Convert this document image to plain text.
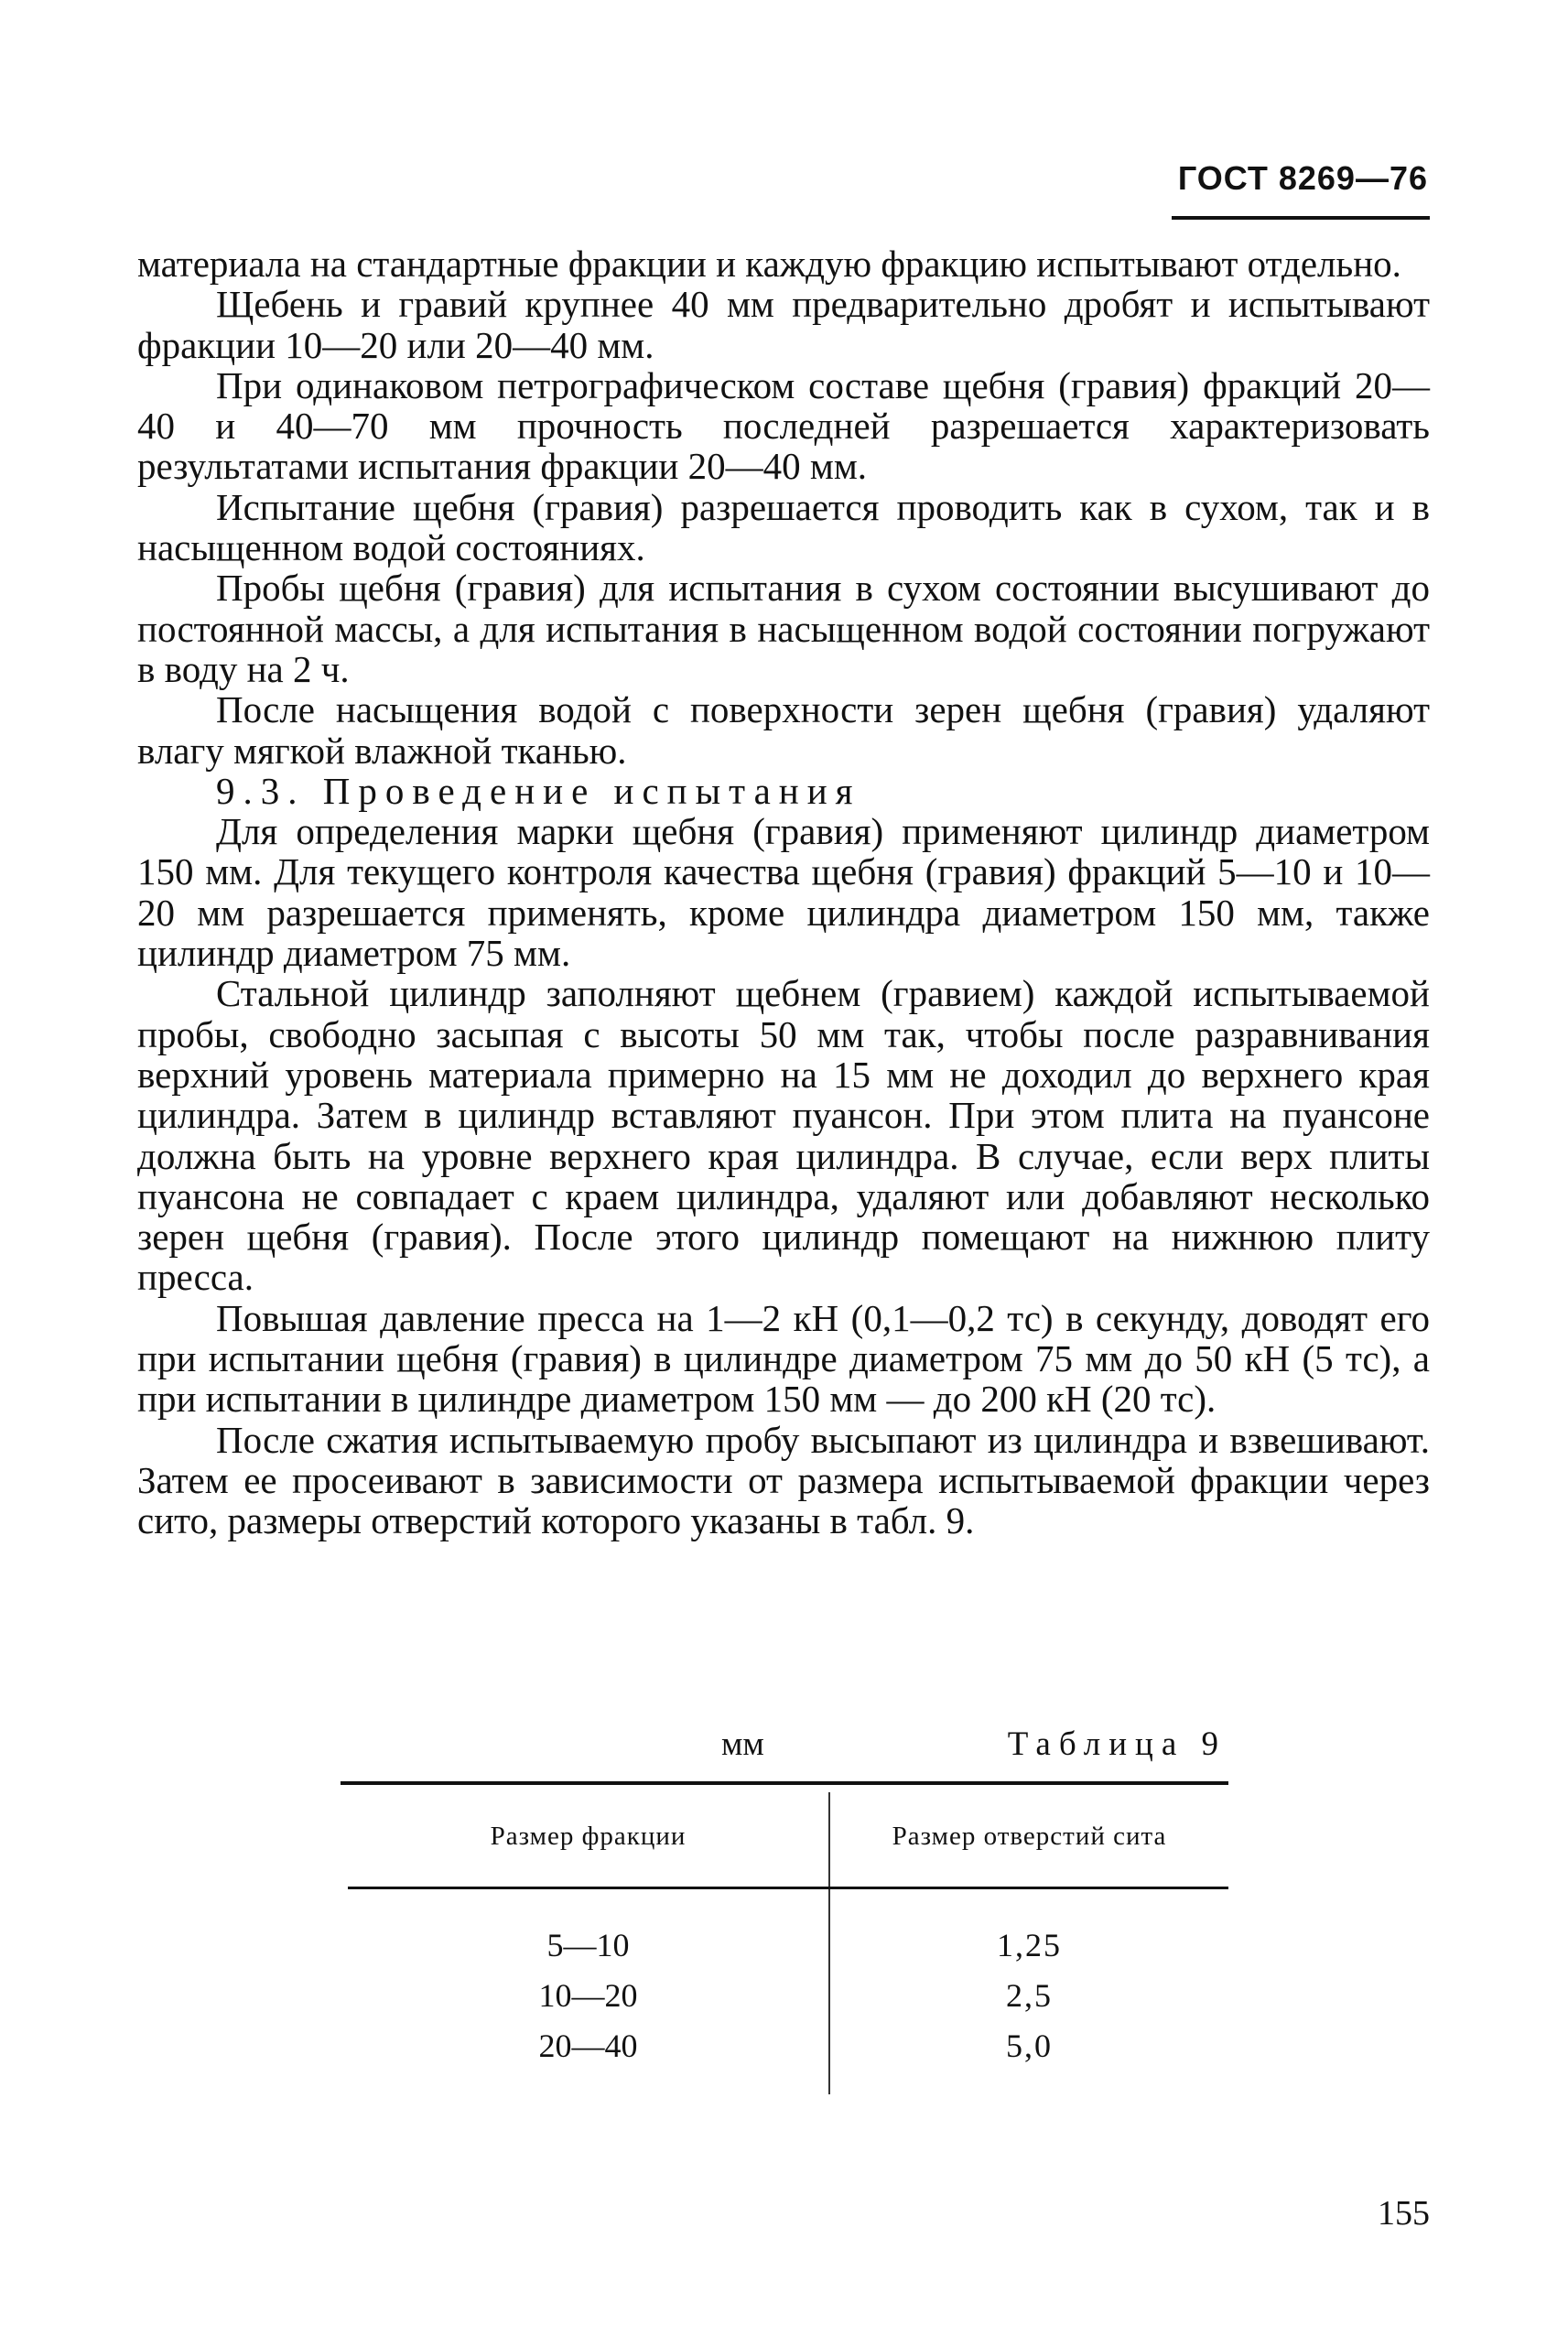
ГОСТ 8269—76

материала на стандартные фракции и каждую фракцию испытывают отдельно.

Щебень и гравий крупнее 40 мм предварительно дробят и испытывают фракции 10—20 или 20—40 мм.

При одинаковом петрографическом составе щебня (гравия) фракций 20—40 и 40—70 мм прочность последней разрешается характеризовать результатами испытания фракции 20—40 мм.

Испытание щебня (гравия) разрешается проводить как в сухом, так и в насыщенном водой состояниях.

Пробы щебня (гравия) для испытания в сухом состоянии высушивают до постоянной массы, а для испытания в насыщенном водой состоянии погружают в воду на 2 ч.

После насыщения водой с поверхности зерен щебня (гравия) удаляют влагу мягкой влажной тканью.

9.3. Проведение испытания

Для определения марки щебня (гравия) применяют цилиндр диаметром 150 мм. Для текущего контроля качества щебня (гравия) фракций 5—10 и 10—20 мм разрешается применять, кроме цилиндра диаметром 150 мм, также цилиндр диаметром 75 мм.

Стальной цилиндр заполняют щебнем (гравием) каждой испытываемой пробы, свободно засыпая с высоты 50 мм так, чтобы после разравнивания верхний уровень материала примерно на 15 мм не доходил до верхнего края цилиндра. Затем в цилиндр вставляют пуансон. При этом плита на пуансоне должна быть на уровне верхнего края цилиндра. В случае, если верх плиты пуансона не совпадает с краем цилиндра, удаляют или добавляют несколько зерен щебня (гравия). После этого цилиндр помещают на нижнюю плиту пресса.

Повышая давление пресса на 1—2 кН (0,1—0,2 тс) в секунду, доводят его при испытании щебня (гравия) в цилиндре диаметром 75 мм до 50 кН (5 тс), а при испытании в цилиндре диаметром 150 мм — до 200 кН (20 тс).

После сжатия испытываемую пробу высыпают из цилиндра и взвешивают. Затем ее просеивают в зависимости от размера испытываемой фракции через сито, размеры отверстий которого указаны в табл. 9.

мм	Таблица 9
Размер фракции	Размер отверстий сита
5—10
10—20
20—40
1,25
2,5
5,0
155
